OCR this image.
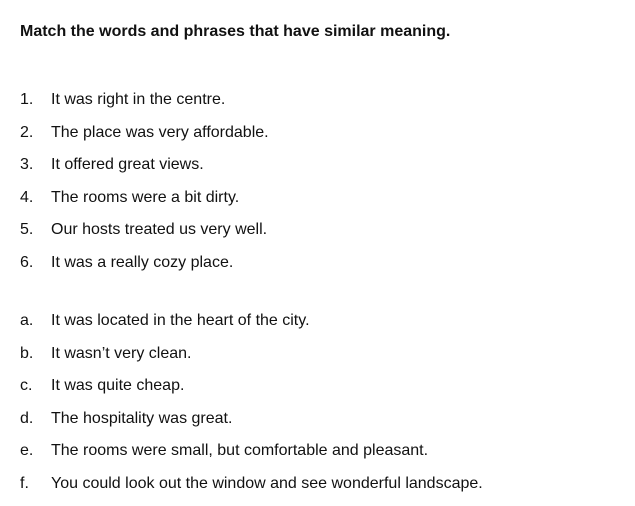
Match the words and phrases that have similar meaning.
1.	It was right in the centre.
2.	The place was very affordable.
3.	It offered great views.
4.	The rooms were a bit dirty.
5.	Our hosts treated us very well.
6.	It was a really cozy place.
a.	It was located in the heart of the city.
b.	It wasn’t very clean.
c.	It was quite cheap.
d.	The hospitality was great.
e.	The rooms were small, but comfortable and pleasant.
f.	You could look out the window and see wonderful landscape.
